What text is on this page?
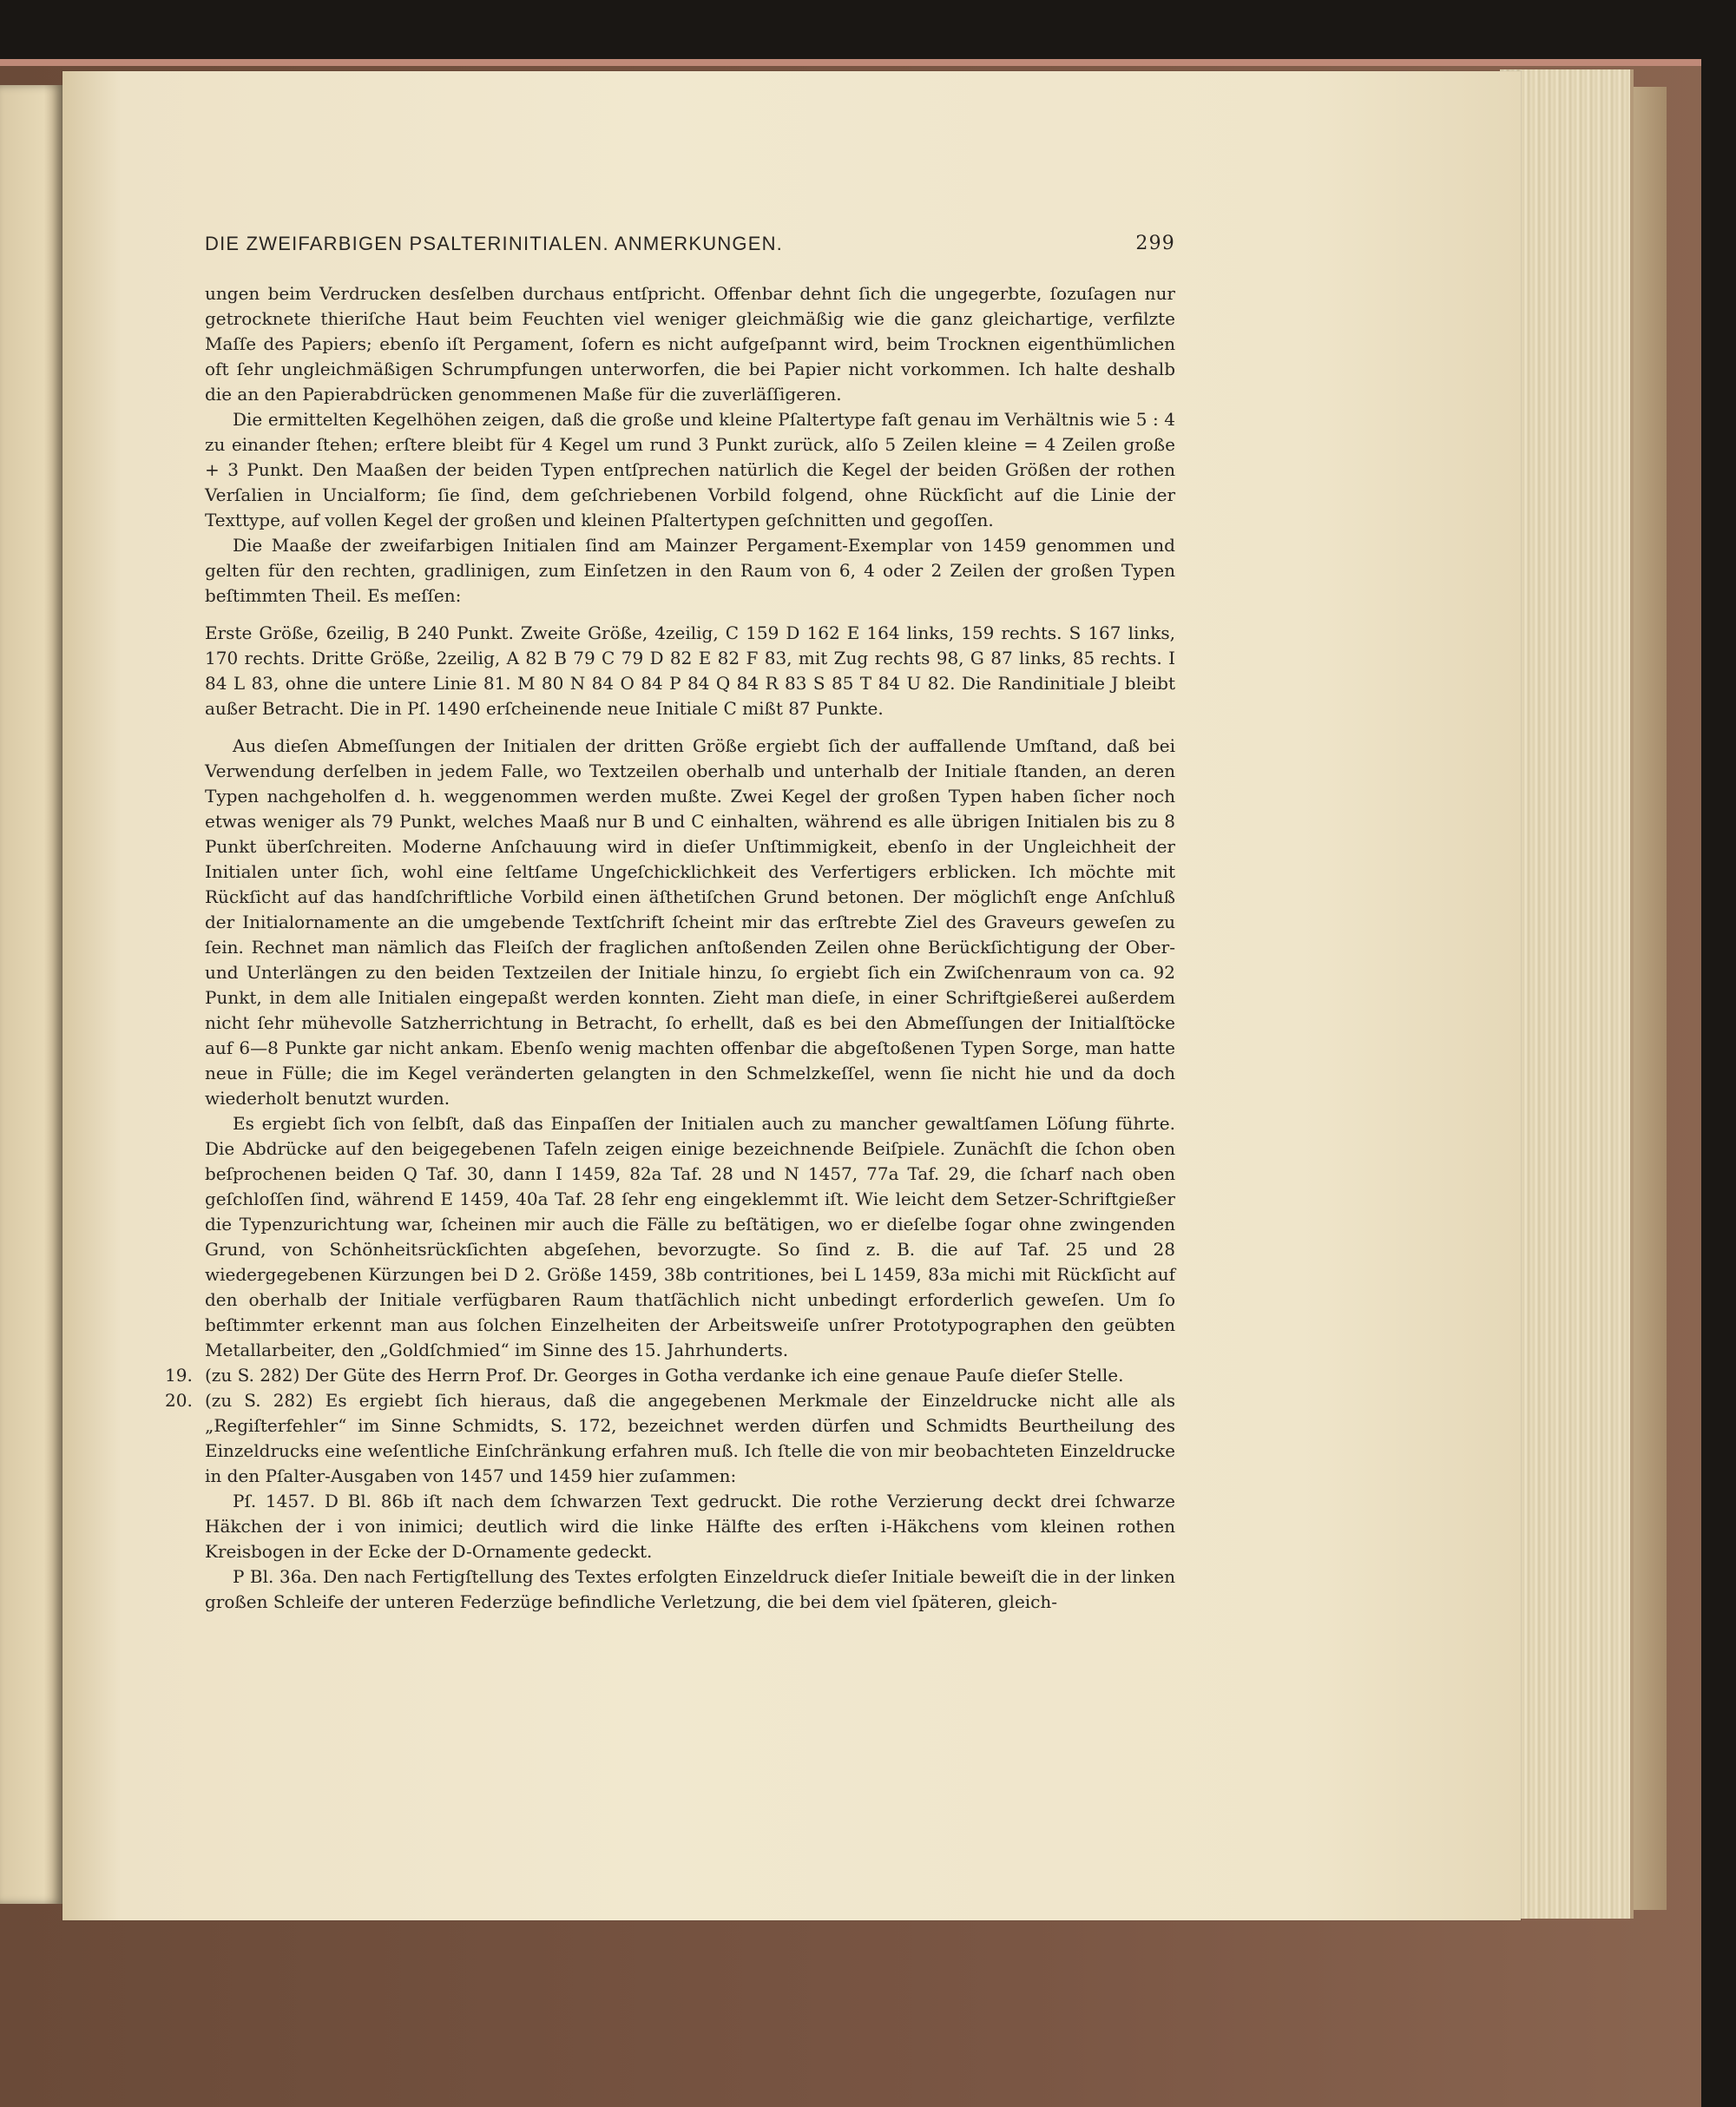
DIE ZWEIFARBIGEN PSALTERINITIALEN. ANMERKUNGEN.	299

ungen beim Verdrucken desſelben durchaus entſpricht. Offenbar dehnt ſich die ungegerbte, ſozuſagen nur getrocknete thieriſche Haut beim Feuchten viel weniger gleichmäßig wie die ganz gleichartige, verfilzte Maſſe des Papiers; ebenſo iſt Pergament, ſofern es nicht aufgeſpannt wird, beim Trocknen eigenthümlichen oft ſehr ungleichmäßigen Schrumpfungen unterworfen, die bei Papier nicht vorkommen. Ich halte deshalb die an den Papierabdrücken genommenen Maße für die zuverläſſigeren.

Die ermittelten Kegelhöhen zeigen, daß die große und kleine Pſaltertype faſt genau im Verhältnis wie 5 : 4 zu einander ſtehen; erſtere bleibt für 4 Kegel um rund 3 Punkt zurück, alſo 5 Zeilen kleine = 4 Zeilen große + 3 Punkt. Den Maaßen der beiden Typen entſprechen natürlich die Kegel der beiden Größen der rothen Verſalien in Uncialform; ſie ſind, dem geſchriebenen Vorbild folgend, ohne Rückſicht auf die Linie der Texttype, auf vollen Kegel der großen und kleinen Pſaltertypen geſchnitten und gegoſſen.

Die Maaße der zweifarbigen Initialen ſind am Mainzer Pergament-Exemplar von 1459 genommen und gelten für den rechten, gradlinigen, zum Einſetzen in den Raum von 6, 4 oder 2 Zeilen der großen Typen beſtimmten Theil. Es meſſen:

Erste Größe, 6zeilig, B 240 Punkt. Zweite Größe, 4zeilig, C 159 D 162 E 164 links, 159 rechts. S 167 links, 170 rechts. Dritte Größe, 2zeilig, A 82 B 79 C 79 D 82 E 82 F 83, mit Zug rechts 98, G 87 links, 85 rechts. I 84 L 83, ohne die untere Linie 81. M 80 N 84 O 84 P 84 Q 84 R 83 S 85 T 84 U 82. Die Randinitiale J bleibt außer Betracht. Die in Pſ. 1490 erſcheinende neue Initiale C mißt 87 Punkte.

Aus dieſen Abmeſſungen der Initialen der dritten Größe ergiebt ſich der auffallende Umſtand, daß bei Verwendung derſelben in jedem Falle, wo Textzeilen oberhalb und unterhalb der Initiale ſtanden, an deren Typen nachgeholfen d. h. weggenommen werden mußte. Zwei Kegel der großen Typen haben ſicher noch etwas weniger als 79 Punkt, welches Maaß nur B und C einhalten, während es alle übrigen Initialen bis zu 8 Punkt überſchreiten. Moderne Anſchauung wird in dieſer Unſtimmigkeit, ebenſo in der Ungleichheit der Initialen unter ſich, wohl eine ſeltſame Ungeſchicklichkeit des Verfertigers erblicken. Ich möchte mit Rückſicht auf das handſchriftliche Vorbild einen äſthetiſchen Grund betonen. Der möglichſt enge Anſchluß der Initialornamente an die umgebende Textſchrift ſcheint mir das erſtrebte Ziel des Graveurs geweſen zu ſein. Rechnet man nämlich das Fleiſch der fraglichen anſtoßenden Zeilen ohne Berückſichtigung der Ober- und Unterlängen zu den beiden Textzeilen der Initiale hinzu, ſo ergiebt ſich ein Zwiſchenraum von ca. 92 Punkt, in dem alle Initialen eingepaßt werden konnten. Zieht man dieſe, in einer Schriftgießerei außerdem nicht ſehr mühevolle Satzherrichtung in Betracht, ſo erhellt, daß es bei den Abmeſſungen der Initialſtöcke auf 6—8 Punkte gar nicht ankam. Ebenſo wenig machten offenbar die abgeſtoßenen Typen Sorge, man hatte neue in Fülle; die im Kegel veränderten gelangten in den Schmelzkeſſel, wenn ſie nicht hie und da doch wiederholt benutzt wurden.

Es ergiebt ſich von ſelbſt, daß das Einpaſſen der Initialen auch zu mancher gewaltſamen Löſung führte. Die Abdrücke auf den beigegebenen Tafeln zeigen einige bezeichnende Beiſpiele. Zunächſt die ſchon oben beſprochenen beiden Q Taf. 30, dann I 1459, 82a Taf. 28 und N 1457, 77a Taf. 29, die ſcharf nach oben geſchloſſen ſind, während E 1459, 40a Taf. 28 ſehr eng eingeklemmt iſt. Wie leicht dem Setzer-Schriftgießer die Typenzurichtung war, ſcheinen mir auch die Fälle zu beſtätigen, wo er dieſelbe ſogar ohne zwingenden Grund, von Schönheitsrückſichten abgeſehen, bevorzugte. So ſind z. B. die auf Taf. 25 und 28 wiedergegebenen Kürzungen bei D 2. Größe 1459, 38b contritiones, bei L 1459, 83a michi mit Rückſicht auf den oberhalb der Initiale verfügbaren Raum thatſächlich nicht unbedingt erforderlich geweſen. Um ſo beſtimmter erkennt man aus ſolchen Einzelheiten der Arbeitsweiſe unſrer Prototypographen den geübten Metallarbeiter, den „Goldſchmied“ im Sinne des 15. Jahrhunderts.

19. (zu S. 282) Der Güte des Herrn Prof. Dr. Georges in Gotha verdanke ich eine genaue Pauſe dieſer Stelle.

20. (zu S. 282) Es ergiebt ſich hieraus, daß die angegebenen Merkmale der Einzeldrucke nicht alle als „Regiſterfehler“ im Sinne Schmidts, S. 172, bezeichnet werden dürfen und Schmidts Beurtheilung des Einzeldrucks eine weſentliche Einſchränkung erfahren muß. Ich ſtelle die von mir beobachteten Einzeldrucke in den Pſalter-Ausgaben von 1457 und 1459 hier zuſammen:

Pſ. 1457. D Bl. 86b iſt nach dem ſchwarzen Text gedruckt. Die rothe Verzierung deckt drei ſchwarze Häkchen der i von inimici; deutlich wird die linke Hälfte des erſten i-Häkchens vom kleinen rothen Kreisbogen in der Ecke der D-Ornamente gedeckt.

P Bl. 36a. Den nach Fertigſtellung des Textes erfolgten Einzeldruck dieſer Initiale beweiſt die in der linken großen Schleife der unteren Federzüge befindliche Verletzung, die bei dem viel ſpäteren, gleich-
